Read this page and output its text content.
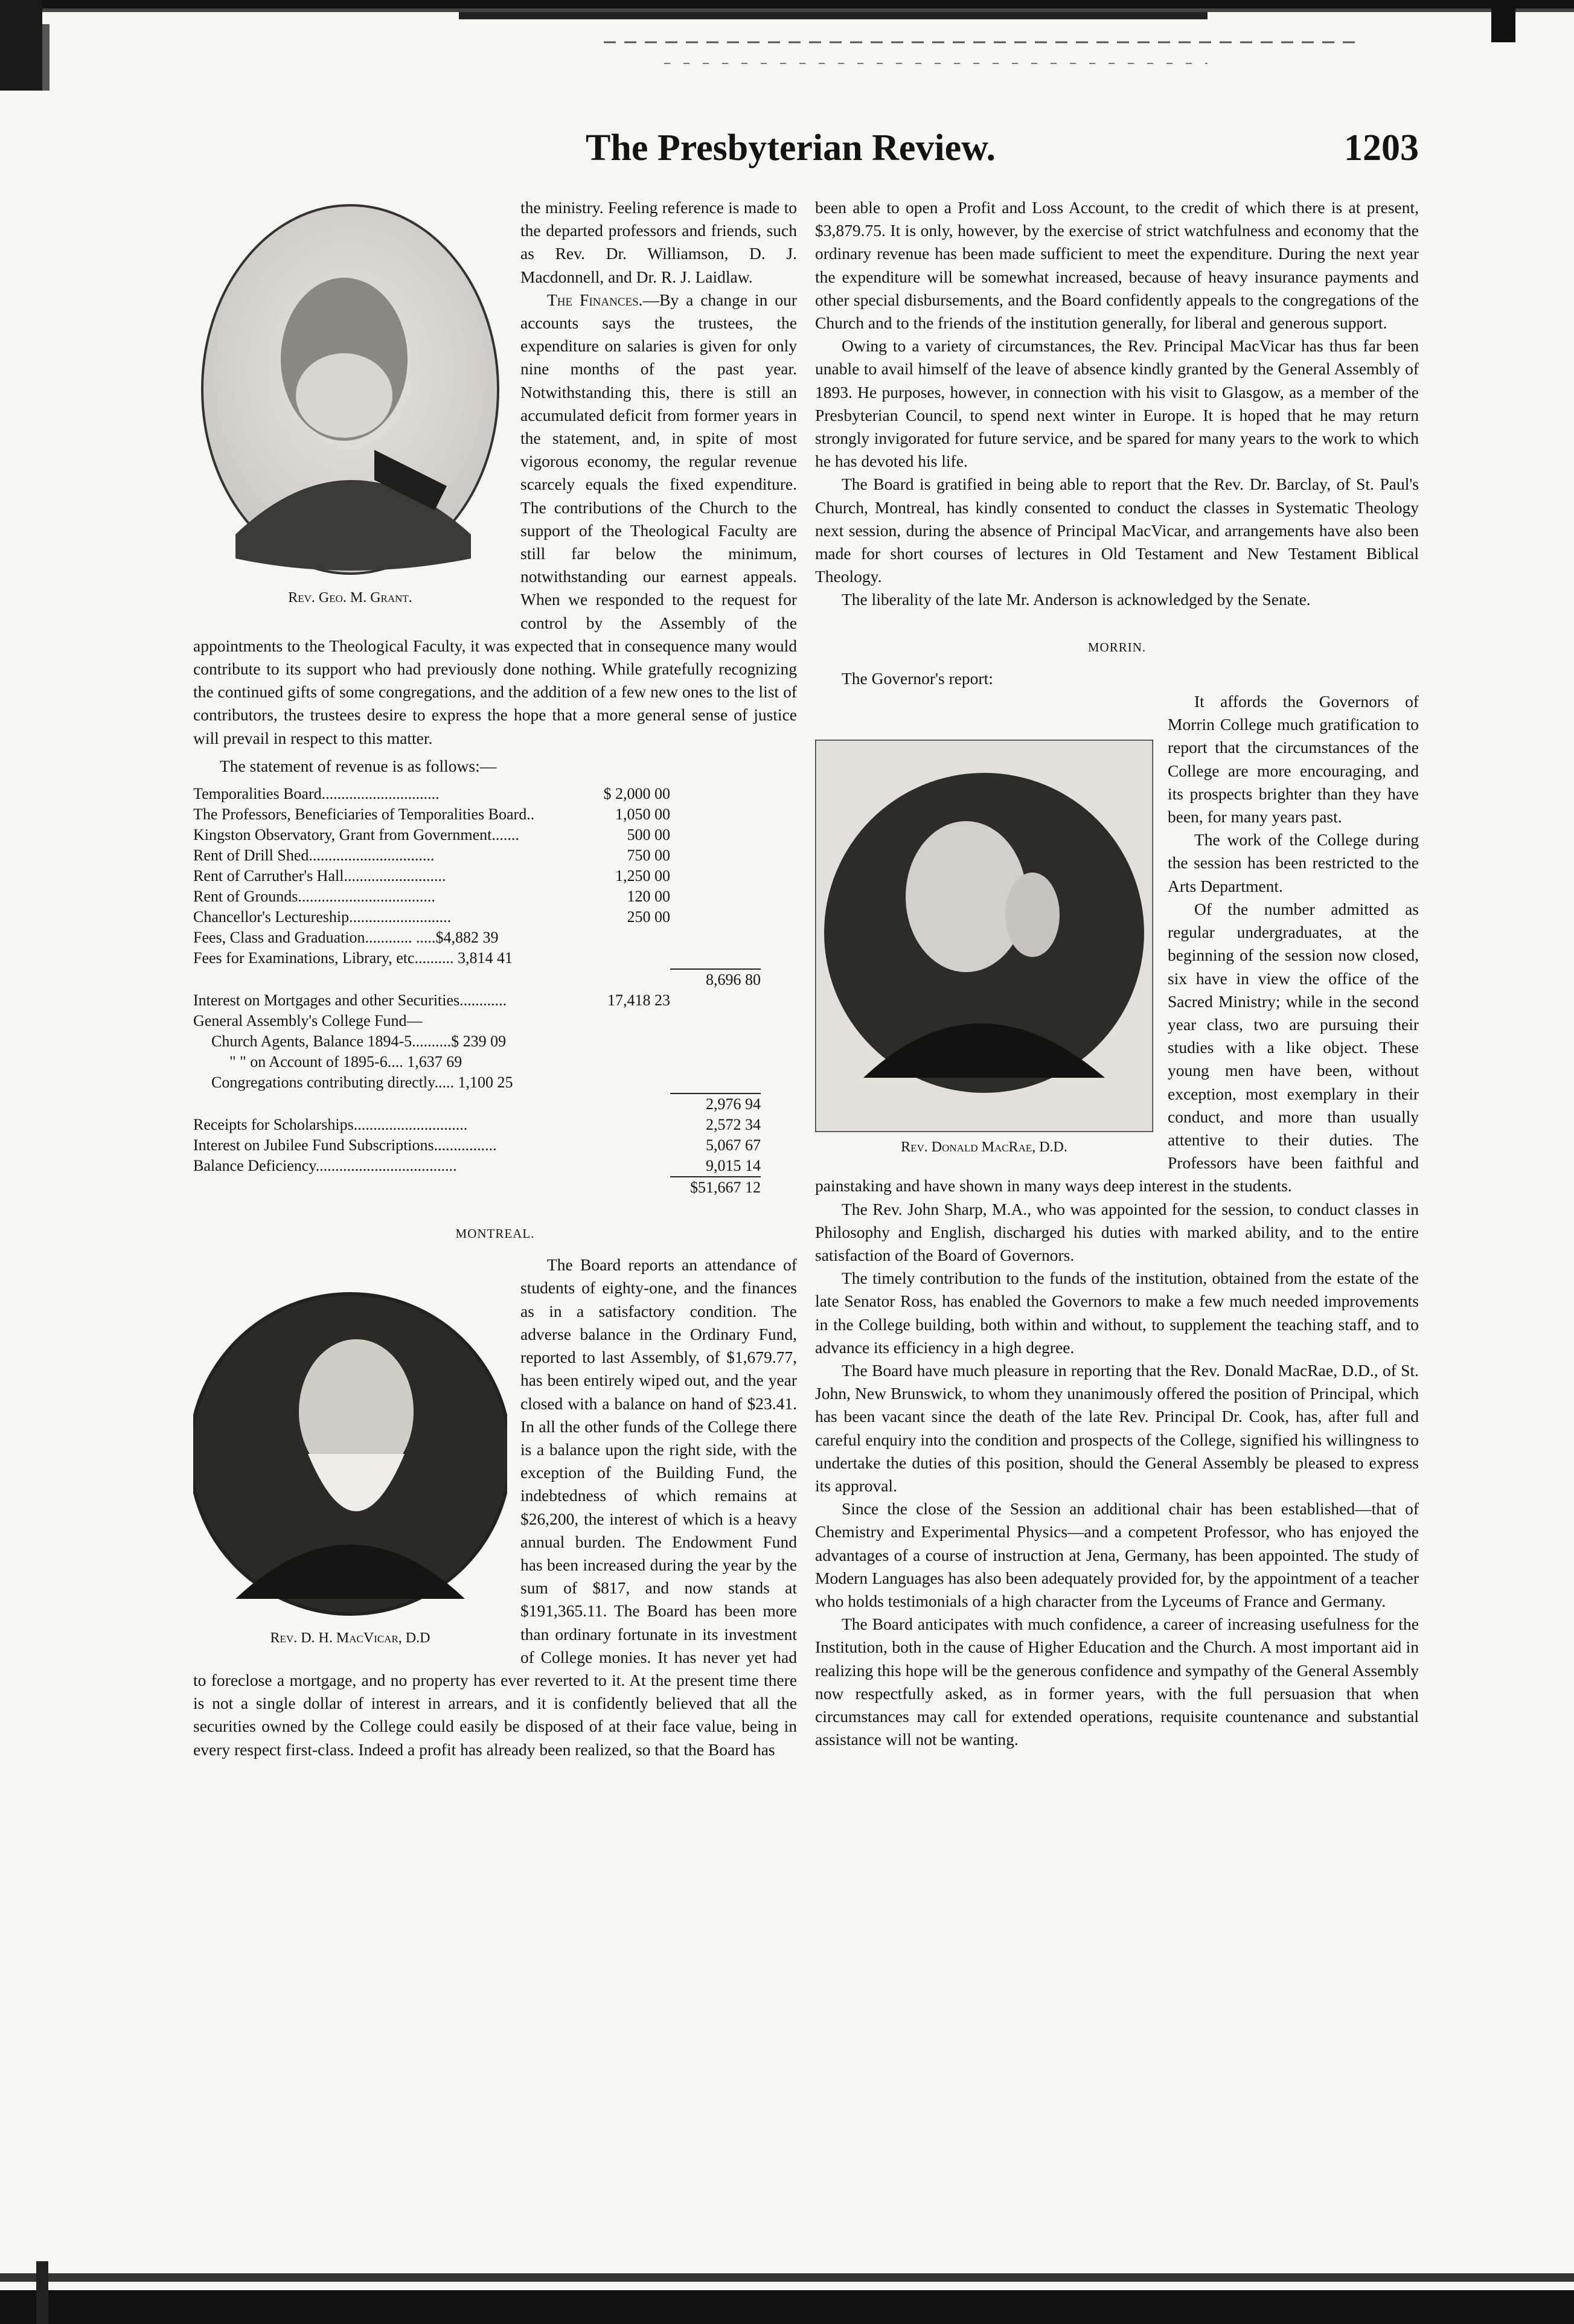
The Presbyterian Review.	1203
Rev. Geo. M. Grant.

the ministry. Feeling reference is made to the departed professors and friends, such as Rev. Dr. Williamson, D. J. Macdonnell, and Dr. R. J. Laidlaw.

The Finances.—By a change in our accounts says the trustees, the expenditure on salaries is given for only nine months of the past year. Notwithstanding this, there is still an accumulated deficit from former years in the statement, and, in spite of most vigorous economy, the regular revenue scarcely equals the fixed expenditure. The contributions of the Church to the support of the Theological Faculty are still far below the minimum, notwithstanding our earnest appeals. When we responded to the request for control by the Assembly of the appointments to the Theological Faculty, it was expected that in consequence many would contribute to its support who had previously done nothing. While gratefully recognizing the continued gifts of some congregations, and the addition of a few new ones to the list of contributors, the trustees desire to express the hope that a more general sense of justice will prevail in respect to this matter.

The statement of revenue is as follows:—

Temporalities Board..............................	$ 2,000 00
The Professors, Beneficiaries of Temporalities Board..	1,050 00
Kingston Observatory, Grant from Government.......	500 00
Rent of Drill Shed................................	750 00
Rent of Carruther's Hall..........................	1,250 00
Rent of Grounds...................................	120 00
Chancellor's Lectureship..........................	250 00
Fees, Class and Graduation............ .....$4,882 39
Fees for Examinations, Library, etc.......... 3,814 41
8,696 80
Interest on Mortgages and other Securities............	17,418 23
General Assembly's College Fund—
Church Agents, Balance 1894-5..........$ 239 09
" " on Account of 1895-6.... 1,637 69
Congregations contributing directly..... 1,100 25
2,976 94
Receipts for Scholarships.............................	2,572 34
Interest on Jubilee Fund Subscriptions................	5,067 67
Balance Deficiency....................................	9,015 14
$51,667 12
MONTREAL.
Rev. D. H. MacVicar, D.D

The Board reports an attendance of students of eighty-one, and the finances as in a satisfactory condition. The adverse balance in the Ordinary Fund, reported to last Assembly, of $1,679.77, has been entirely wiped out, and the year closed with a balance on hand of $23.41. In all the other funds of the College there is a balance upon the right side, with the exception of the Building Fund, the indebtedness of which remains at $26,200, the interest of which is a heavy annual burden. The Endowment Fund has been increased during the year by the sum of $817, and now stands at $191,365.11. The Board has been more than ordinary fortunate in its investment of College monies. It has never yet had to foreclose a mortgage, and no property has ever reverted to it. At the present time there is not a single dollar of interest in arrears, and it is confidently believed that all the securities owned by the College could easily be disposed of at their face value, being in every respect first-class. Indeed a profit has already been realized, so that the Board has

been able to open a Profit and Loss Account, to the credit of which there is at present, $3,879.75. It is only, however, by the exercise of strict watchfulness and economy that the ordinary revenue has been made sufficient to meet the expenditure. During the next year the expenditure will be somewhat increased, because of heavy insurance payments and other special disbursements, and the Board confidently appeals to the congregations of the Church and to the friends of the institution generally, for liberal and generous support.

Owing to a variety of circumstances, the Rev. Principal MacVicar has thus far been unable to avail himself of the leave of absence kindly granted by the General Assembly of 1893. He purposes, however, in connection with his visit to Glasgow, as a member of the Presbyterian Council, to spend next winter in Europe. It is hoped that he may return strongly invigorated for future service, and be spared for many years to the work to which he has devoted his life.

The Board is gratified in being able to report that the Rev. Dr. Barclay, of St. Paul's Church, Montreal, has kindly consented to conduct the classes in Systematic Theology next session, during the absence of Principal MacVicar, and arrangements have also been made for short courses of lectures in Old Testament and New Testament Biblical Theology.

The liberality of the late Mr. Anderson is acknowledged by the Senate.

MORRIN.

The Governor's report:

Rev. Donald MacRae, D.D.

It affords the Governors of Morrin College much gratification to report that the circumstances of the College are more encouraging, and its prospects brighter than they have been, for many years past.

The work of the College during the session has been restricted to the Arts Department.

Of the number admitted as regular undergraduates, at the beginning of the session now closed, six have in view the office of the Sacred Ministry; while in the second year class, two are pursuing their studies with a like object. These young men have been, without exception, most exemplary in their conduct, and more than usually attentive to their duties. The Professors have been faithful and painstaking and have shown in many ways deep interest in the students.

The Rev. John Sharp, M.A., who was appointed for the session, to conduct classes in Philosophy and English, discharged his duties with marked ability, and to the entire satisfaction of the Board of Governors.

The timely contribution to the funds of the institution, obtained from the estate of the late Senator Ross, has enabled the Governors to make a few much needed improvements in the College building, both within and without, to supplement the teaching staff, and to advance its efficiency in a high degree.

The Board have much pleasure in reporting that the Rev. Donald MacRae, D.D., of St. John, New Brunswick, to whom they unanimously offered the position of Principal, which has been vacant since the death of the late Rev. Principal Dr. Cook, has, after full and careful enquiry into the condition and prospects of the College, signified his willingness to undertake the duties of this position, should the General Assembly be pleased to express its approval.

Since the close of the Session an additional chair has been established—that of Chemistry and Experimental Physics—and a competent Professor, who has enjoyed the advantages of a course of instruction at Jena, Germany, has been appointed. The study of Modern Languages has also been adequately provided for, by the appointment of a teacher who holds testimonials of a high character from the Lyceums of France and Germany.

The Board anticipates with much confidence, a career of increasing usefulness for the Institution, both in the cause of Higher Education and the Church. A most important aid in realizing this hope will be the generous confidence and sympathy of the General Assembly now respectfully asked, as in former years, with the full persuasion that when circumstances may call for extended operations, requisite countenance and substantial assistance will not be wanting.
